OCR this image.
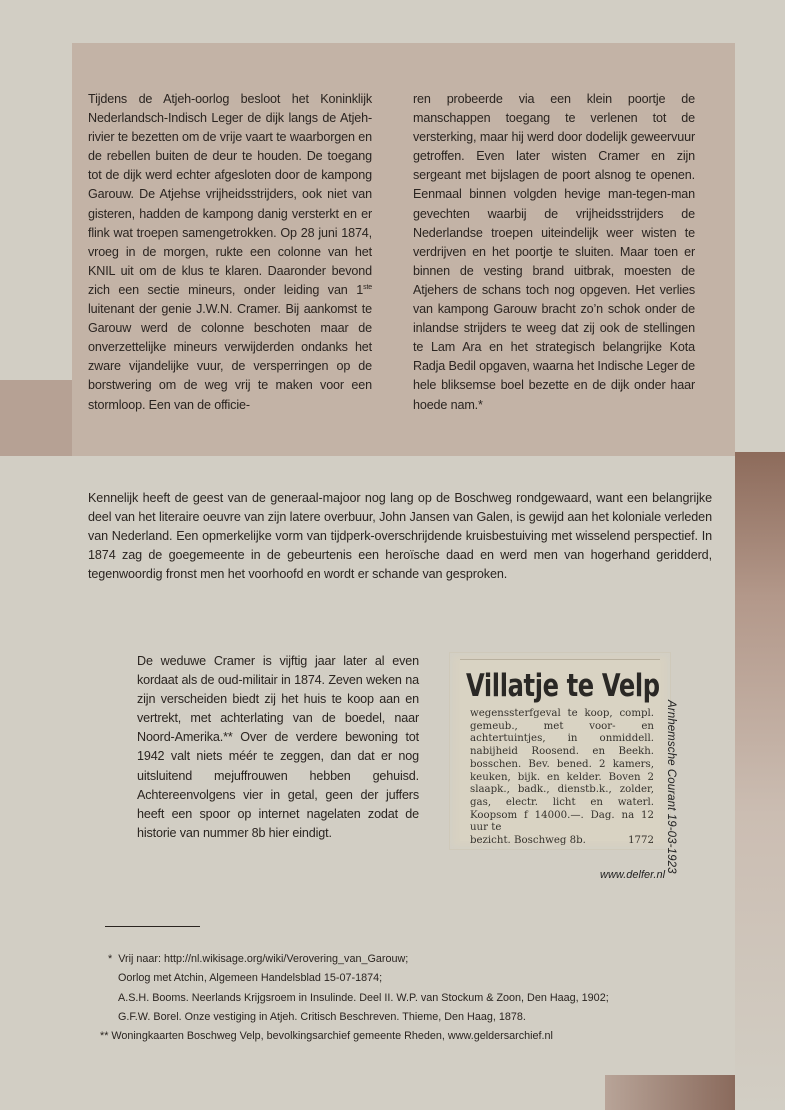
Tijdens de Atjeh-oorlog besloot het Koninklijk Nederlandsch-Indisch Leger de dijk langs de Atjeh-rivier te bezetten om de vrije vaart te waarborgen en de rebellen buiten de deur te houden. De toegang tot de dijk werd echter afgesloten door de kampong Garouw. De Atjehse vrijheidsstrijders, ook niet van gisteren, hadden de kampong danig versterkt en er flink wat troepen samengetrokken. Op 28 juni 1874, vroeg in de morgen, rukte een colonne van het KNIL uit om de klus te klaren. Daaronder bevond zich een sectie mineurs, onder leiding van 1ste luitenant der genie J.W.N. Cramer. Bij aankomst te Garouw werd de colonne beschoten maar de onverzettelijke mineurs verwijderden ondanks het zware vijandelijke vuur, de versperringen op de borstwering om de weg vrij te maken voor een stormloop. Een van de officie-

ren probeerde via een klein poortje de manschappen toegang te verlenen tot de versterking, maar hij werd door dodelijk geweervuur getroffen. Even later wisten Cramer en zijn sergeant met bijslagen de poort alsnog te openen. Eenmaal binnen volgden hevige man-tegen-man gevechten waarbij de vrijheidsstrijders de Nederlandse troepen uiteindelijk weer wisten te verdrijven en het poortje te sluiten. Maar toen er binnen de vesting brand uitbrak, moesten de Atjehers de schans toch nog opgeven. Het verlies van kampong Garouw bracht zo’n schok onder de inlandse strijders te weeg dat zij ook de stellingen te Lam Ara en het strategisch belangrijke Kota Radja Bedil opgaven, waarna het Indische Leger de hele bliksemse boel bezette en de dijk onder haar hoede nam.*

Kennelijk heeft de geest van de generaal-majoor nog lang op de Boschweg rondgewaard, want een belangrijke deel van het literaire oeuvre van zijn latere overbuur, John Jansen van Galen, is gewijd aan het koloniale verleden van Nederland. Een opmerkelijke vorm van tijdperk-overschrijdende kruisbestuiving met wisselend perspectief. In 1874 zag de goegemeente in de gebeurtenis een heroïsche daad en werd men van hogerhand geridderd, tegenwoordig fronst men het voorhoofd en wordt er schande van gesproken.

De weduwe Cramer is vijftig jaar later al even kordaat als de oud-militair in 1874. Zeven weken na zijn verscheiden biedt zij het huis te koop aan en vertrekt, met achterlating van de boedel, naar Noord-Amerika.** Over de verdere bewoning tot 1942 valt niets méér te zeggen, dan dat er nog uitsluitend mejuffrouwen hebben gehuisd. Achtereenvolgens vier in getal, geen der juffers heeft een spoor op internet nagelaten zodat de historie van nummer 8b hier eindigt.

Villatje te Velp

wegenssterfgeval te koop, compl. gemeub., met voor- en achtertuintjes, in onmiddell. nabijheid Roosend. en Beekh. bosschen. Bev. bened. 2 kamers, keuken, bijk. en kelder. Boven 2 slaapk., badk., dienstb.k., zolder, gas, electr. licht en waterl. Koopsom f 14000.—. Dag. na 12 uur te

bezicht. Boschweg 8b.	1772 Arnhemsche Courant 19-03-1923
www.delfer.nl
* Vrij naar: http://nl.wikisage.org/wiki/Verovering_van_Garouw;
Oorlog met Atchin, Algemeen Handelsblad 15-07-1874;
A.S.H. Booms. Neerlands Krijgsroem in Insulinde. Deel II. W.P. van Stockum & Zoon, Den Haag, 1902;
G.F.W. Borel. Onze vestiging in Atjeh. Critisch Beschreven. Thieme, Den Haag, 1878.
** Woningkaarten Boschweg Velp, bevolkingsarchief gemeente Rheden, www.geldersarchief.nl
